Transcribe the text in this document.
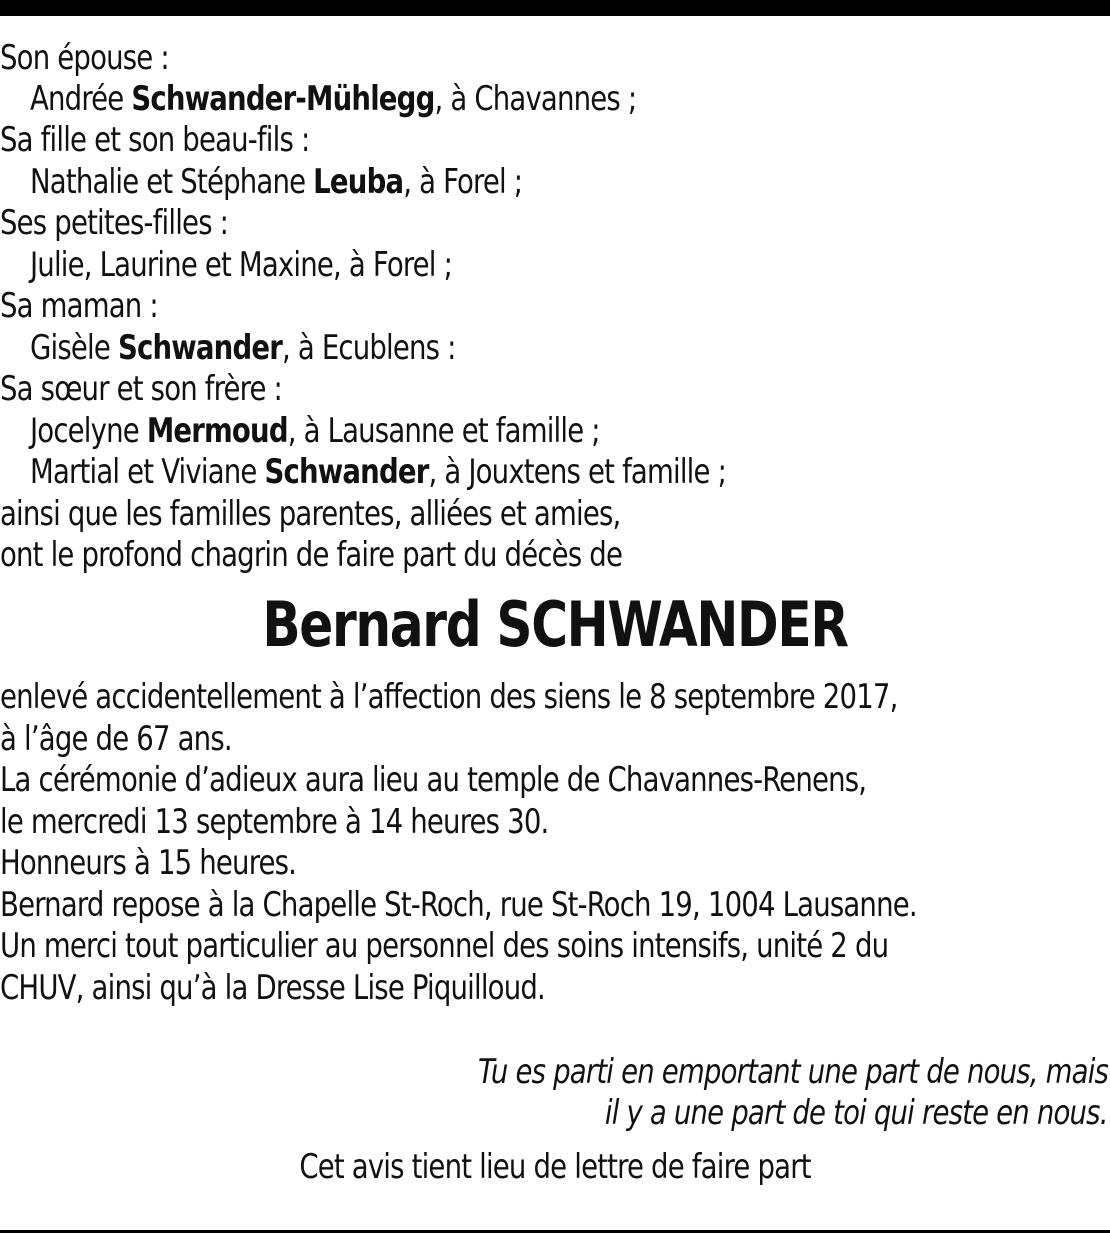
Son épouse :
Andrée Schwander-Mühlegg, à Chavannes ;
Sa fille et son beau-fils :
Nathalie et Stéphane Leuba, à Forel ;
Ses petites-filles :
Julie, Laurine et Maxine, à Forel ;
Sa maman :
Gisèle Schwander, à Ecublens :
Sa sœur et son frère :
Jocelyne Mermoud, à Lausanne et famille ;
Martial et Viviane Schwander, à Jouxtens et famille ;
ainsi que les familles parentes, alliées et amies,
ont le profond chagrin de faire part du décès de
Bernard SCHWANDER
enlevé accidentellement à l’affection des siens le 8 septembre 2017,
à l’âge de 67 ans.
La cérémonie d’adieux aura lieu au temple de Chavannes-Renens,
le mercredi 13 septembre à 14 heures 30.
Honneurs à 15 heures.
Bernard repose à la Chapelle St-Roch, rue St-Roch 19, 1004 Lausanne.
Un merci tout particulier au personnel des soins intensifs, unité 2 du
CHUV, ainsi qu’à la Dresse Lise Piquilloud.
Tu es parti en emportant une part de nous, mais
il y a une part de toi qui reste en nous.
Cet avis tient lieu de lettre de faire part
